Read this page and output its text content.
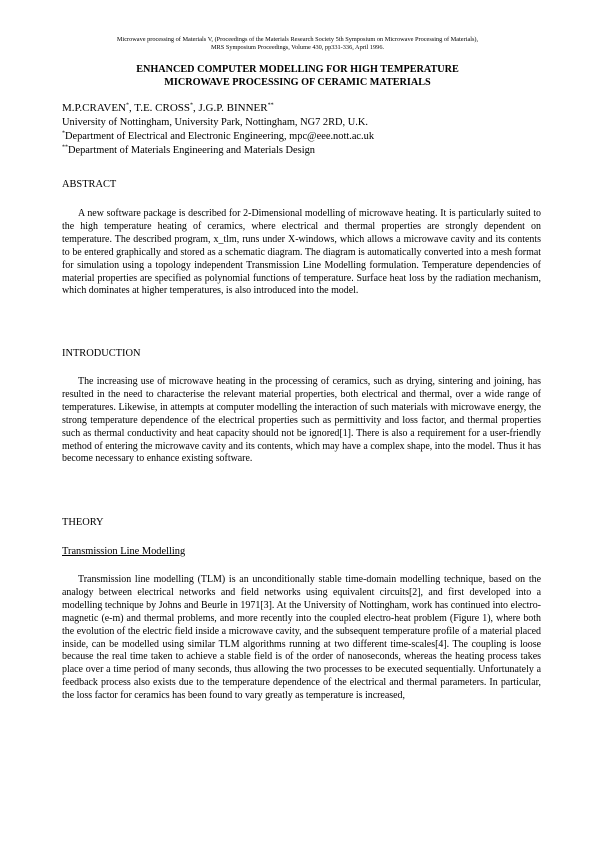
Microwave processing of Materials V, (Proceedings of the Materials Research Society 5th Symposium on Microwave Processing of Materials),
MRS Symposium Proceedings, Volume 430, pp331-336, April 1996.
ENHANCED COMPUTER MODELLING FOR HIGH TEMPERATURE
MICROWAVE PROCESSING OF CERAMIC MATERIALS
M.P.CRAVEN*, T.E. CROSS*, J.G.P. BINNER**
University of Nottingham, University Park, Nottingham, NG7 2RD, U.K.
*Department of Electrical and Electronic Engineering, mpc@eee.nott.ac.uk
**Department of Materials Engineering and Materials Design
ABSTRACT
A new software package is described for 2-Dimensional modelling of microwave heating. It is particularly suited to the high temperature heating of ceramics, where electrical and thermal properties are strongly dependent on temperature. The described program, x_tlm, runs under X-windows, which allows a microwave cavity and its contents to be entered graphically and stored as a schematic diagram. The diagram is automatically converted into a mesh format for simulation using a topology independent Transmission Line Modelling formulation. Temperature dependencies of material properties are specified as polynomial functions of temperature. Surface heat loss by the radiation mechanism, which dominates at higher temperatures, is also introduced into the model.
INTRODUCTION
The increasing use of microwave heating in the processing of ceramics, such as drying, sintering and joining, has resulted in the need to characterise the relevant material properties, both electrical and thermal, over a wide range of temperatures. Likewise, in attempts at computer modelling the interaction of such materials with microwave energy, the strong temperature dependence of the electrical properties such as permittivity and loss factor, and thermal properties such as thermal conductivity and heat capacity should not be ignored[1]. There is also a requirement for a user-friendly method of entering the microwave cavity and its contents, which may have a complex shape, into the model. Thus it has become necessary to enhance existing software.
THEORY
Transmission Line Modelling
Transmission line modelling (TLM) is an unconditionally stable time-domain modelling technique, based on the analogy between electrical networks and field networks using equivalent circuits[2], and first developed into a modelling technique by Johns and Beurle in 1971[3]. At the University of Nottingham, work has continued into electro-magnetic (e-m) and thermal problems, and more recently into the coupled electro-heat problem (Figure 1), where both the evolution of the electric field inside a microwave cavity, and the subsequent temperature profile of a material placed inside, can be modelled using similar TLM algorithms running at two different time-scales[4]. The coupling is loose because the real time taken to achieve a stable field is of the order of nanoseconds, whereas the heating process takes place over a time period of many seconds, thus allowing the two processes to be executed sequentially. Unfortunately a feedback process also exists due to the temperature dependence of the electrical and thermal parameters. In particular, the loss factor for ceramics has been found to vary greatly as temperature is increased,
